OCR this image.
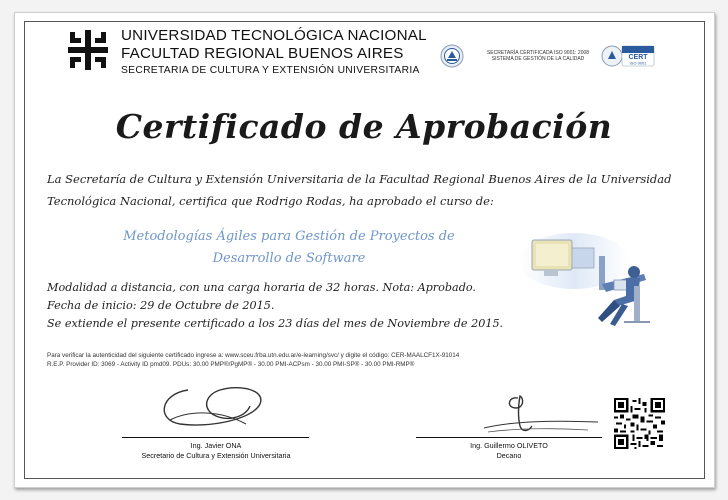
UNIVERSIDAD TECNOLÓGICA NACIONAL
FACULTAD REGIONAL BUENOS AIRES
SECRETARIA DE CULTURA Y EXTENSIÓN UNIVERSITARIA
SECRETARÍA CERTIFICADA ISO 9001: 2008
SISTEMA DE GESTIÓN DE LA CALIDAD	CERT
ISO 9001
Certificado de Aprobación
La Secretaría de Cultura y Extensión Universitaria de la Facultad Regional Buenos Aires de la Universidad Tecnológica Nacional, certifica que Rodrigo Rodas, ha aprobado el curso de:
Metodologías Ágiles para Gestión de Proyectos de
Desarrollo de Software
Modalidad a distancia, con una carga horaria de 32 horas. Nota: Aprobado.
Fecha de inicio: 29 de Octubre de 2015.
Se extiende el presente certificado a los 23 días del mes de Noviembre de 2015.
Para verificar la autenticidad del siguiente certificado ingrese a: www.sceu.frba.utn.edu.ar/e-learning/svc/ y digite el código: CER-MAALCF1X-91014
R.E.P. Provider ID: 3069 - Activity ID pmd09. PDUs: 30.00 PMP®/PgMP® - 30.00 PMI-ACPsm - 30.00 PMI-SP® - 30.00 PMI-RMP®
Ing. Javier ONA
Secretario de Cultura y Extensión Universitaria
Ing. Guillermo OLIVETO
Decano
